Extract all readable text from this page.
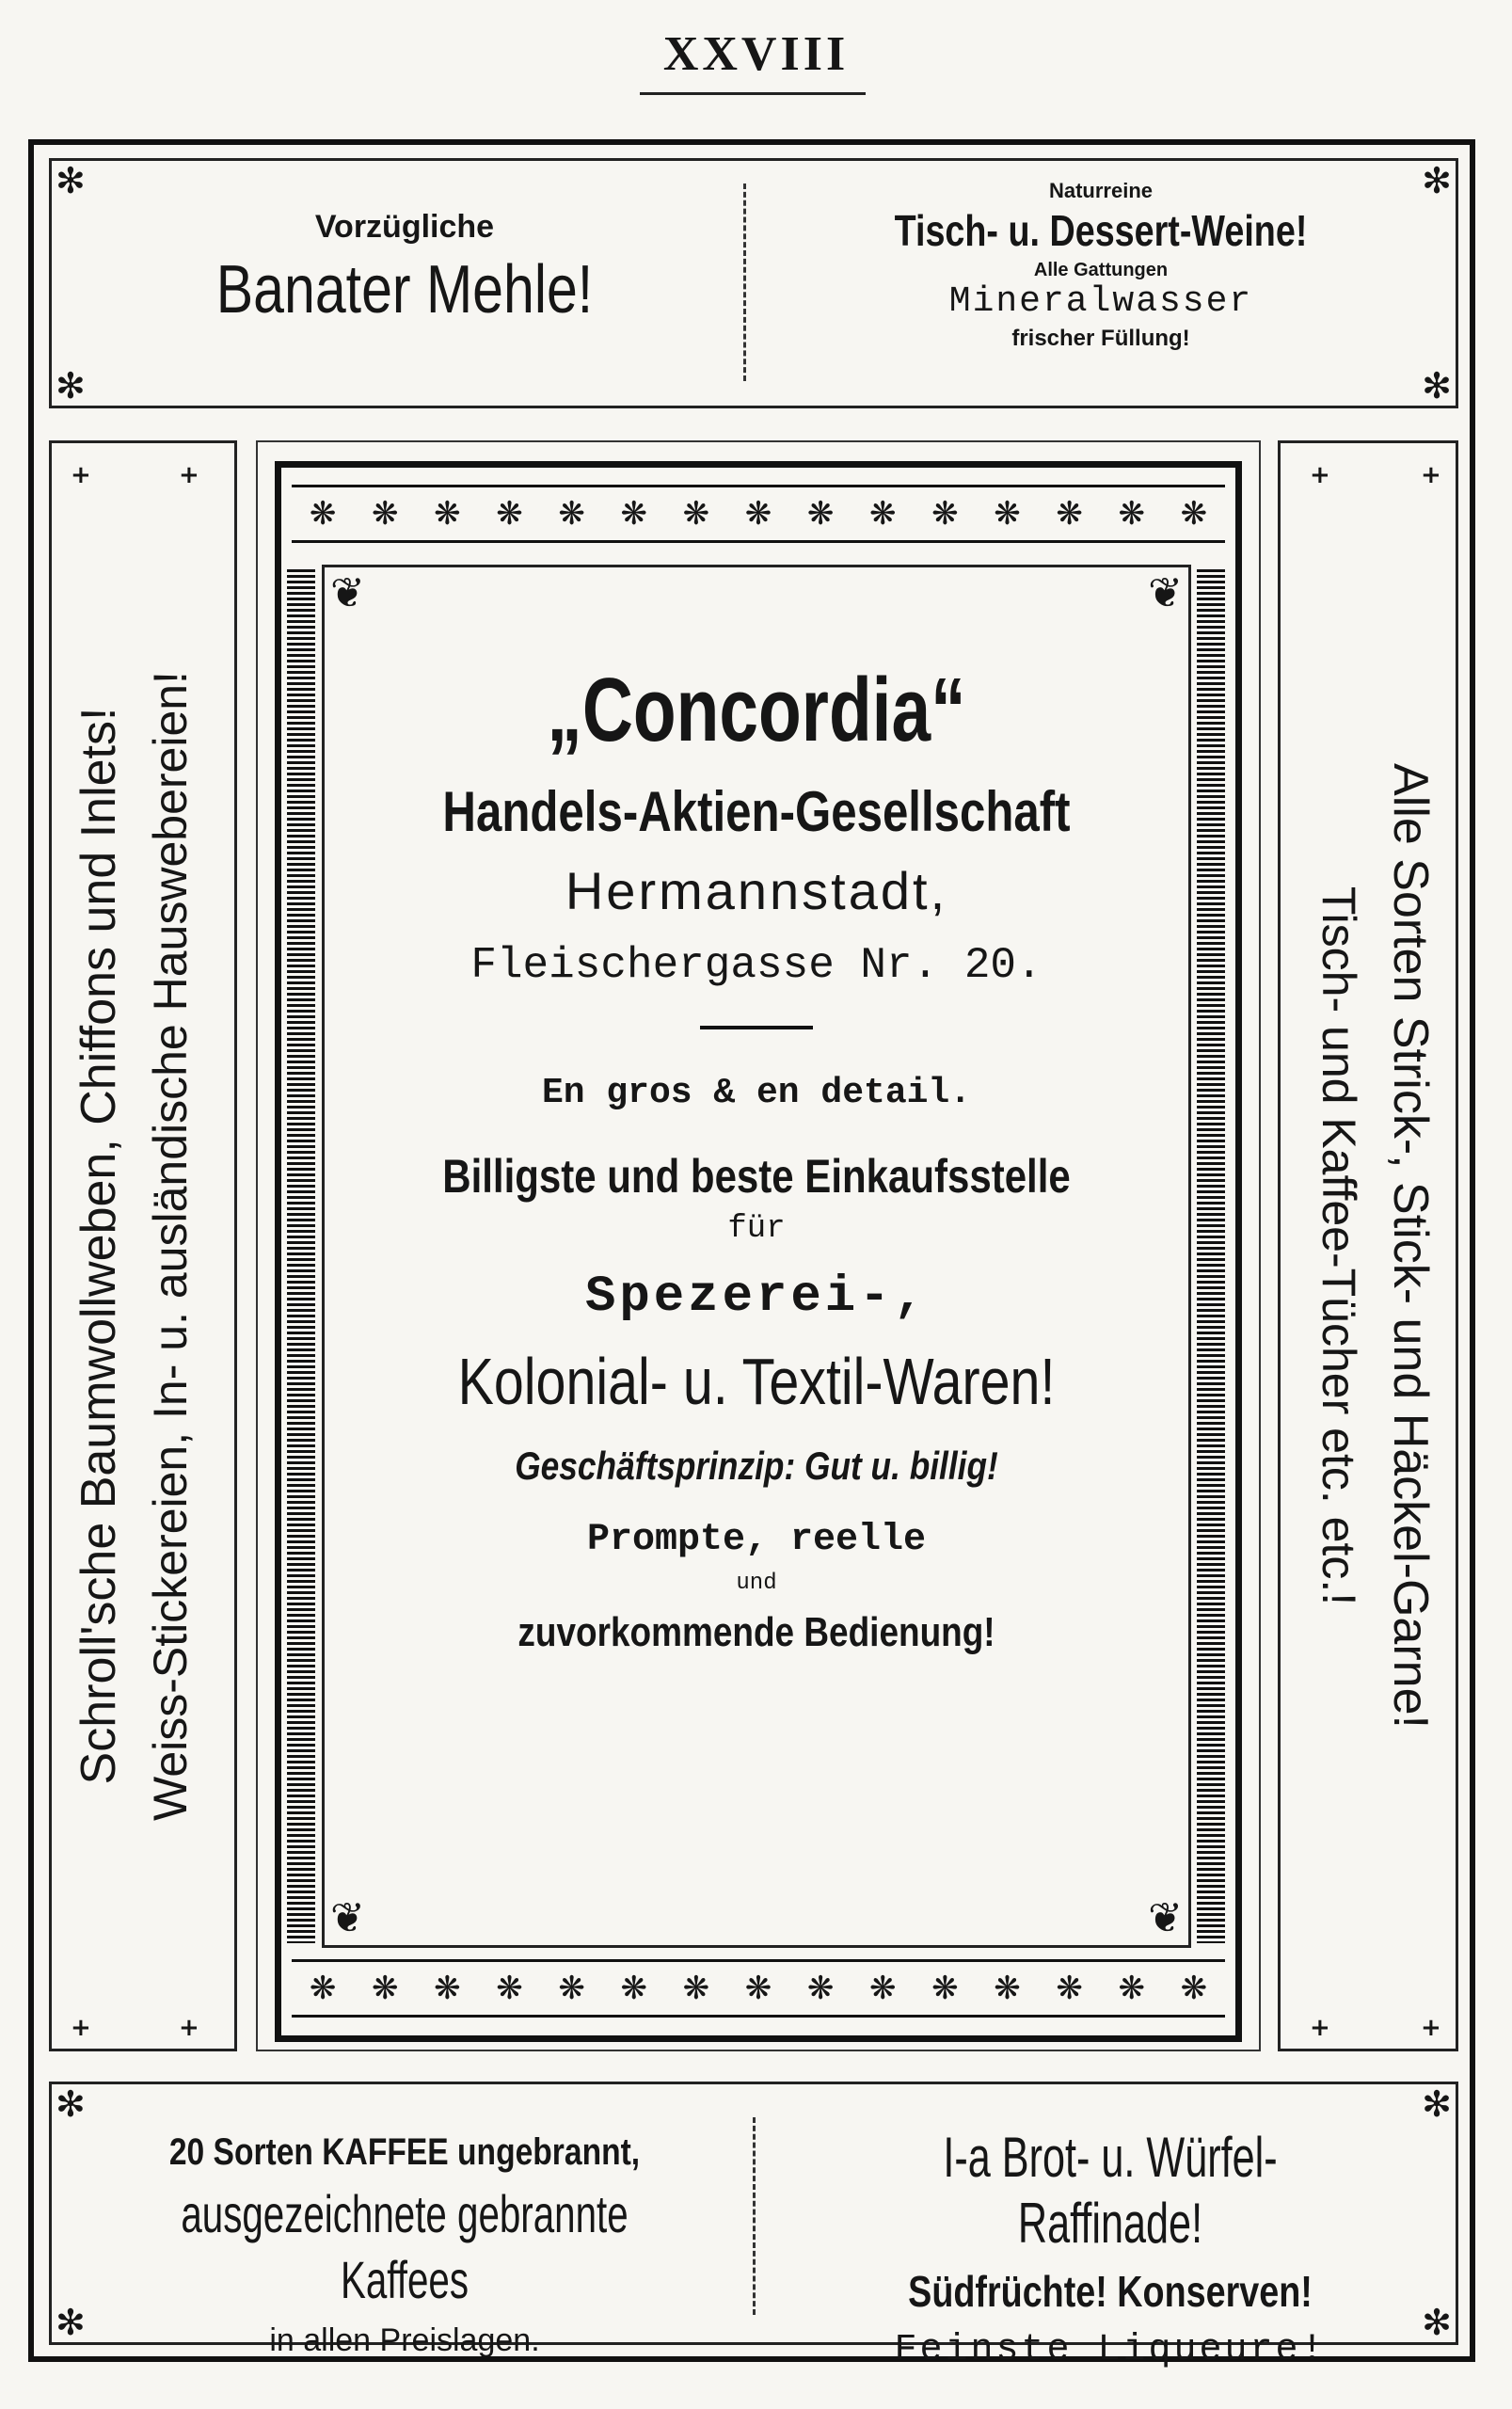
XXVIII
✻	✻
✻	✻
Vorzügliche
Banater Mehle!
Naturreine
Tisch- u. Dessert-Weine!
Alle Gattungen
Mineralwasser
frischer Füllung!
+	+
+	+
Schroll'sche Baumwollweben, Chiffons und Inlets! Weiss-Stickereien, In- u. ausländische Hauswebereien!
+	+
+	+
Alle Sorten Strick-, Stick- und Häckel-Garne!
Tisch- und Kaffee-Tücher etc. etc.!
❋ ❋ ❋ ❋ ❋ ❋ ❋ ❋ ❋ ❋ ❋ ❋ ❋ ❋ ❋
❦	❦
❦	❦
❋ ❋ ❋ ❋ ❋ ❋ ❋ ❋ ❋ ❋ ❋ ❋ ❋ ❋ ❋
„Concordia“
Handels-Aktien-Gesellschaft
Hermannstadt,
Fleischergasse Nr. 20.
En gros & en detail.
Billigste und beste Einkaufsstelle
für
Spezerei-,
Kolonial- u. Textil-Waren!
Geschäftsprinzip: Gut u. billig!
Prompte, reelle
und
zuvorkommende Bedienung!
✻	✻
✻	✻
20 Sorten KAFFEE ungebrannt,
ausgezeichnete gebrannte Kaffees
in allen Preislagen.
I-a Brot- u. Würfel-Raffinade!
Südfrüchte! Konserven!
Feinste Liqueure!
